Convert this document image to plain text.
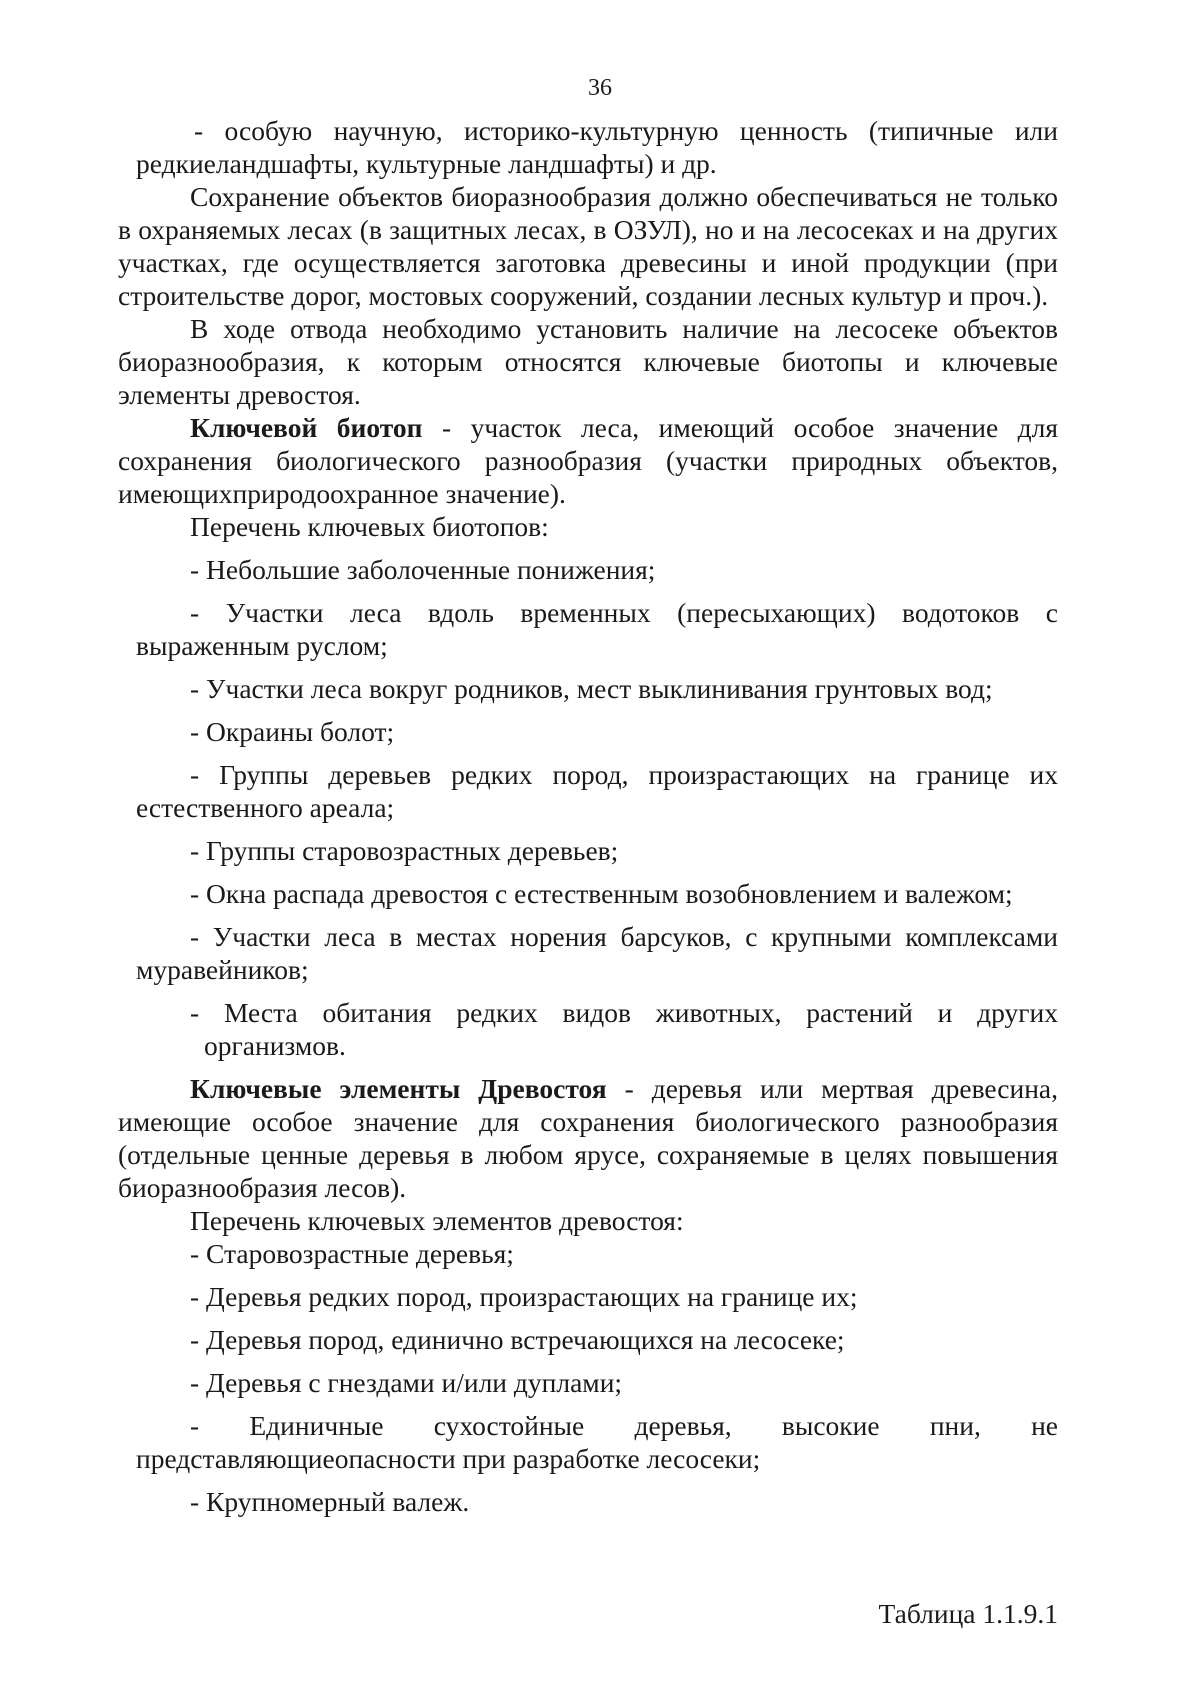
36

- особую научную, историко-культурную ценность (типичные или редкиеландшафты, культурные ландшафты) и др.

Сохранение объектов биоразнообразия должно обеспечиваться не только в охраняемых лесах (в защитных лесах, в ОЗУЛ), но и на лесосеках и на других участках, где осуществляется заготовка древесины и иной продукции (при строительстве дорог, мостовых сооружений, создании лесных культур и проч.).

В ходе отвода необходимо установить наличие на лесосеке объектов биоразнообразия, к которым относятся ключевые биотопы и ключевые элементы древостоя.

Ключевой биотоп - участок леса, имеющий особое значение для сохранения биологического разнообразия (участки природных объектов, имеющихприродоохранное значение).

Перечень ключевых биотопов:

- Небольшие заболоченные понижения;

- Участки леса вдоль временных (пересыхающих) водотоков с выраженным руслом;

- Участки леса вокруг родников, мест выклинивания грунтовых вод;

- Окраины болот;

- Группы деревьев редких пород, произрастающих на границе их естественного ареала;

- Группы старовозрастных деревьев;

- Окна распада древостоя с естественным возобновлением и валежом;

- Участки леса в местах норения барсуков, с крупными комплексами муравейников;

- Места обитания редких видов животных, растений и других организмов.

Ключевые элементы Древостоя - деревья или мертвая древесина, имеющие особое значение для сохранения биологического разнообразия (отдельные ценные деревья в любом ярусе, сохраняемые в целях повышения биоразнообразия лесов).

Перечень ключевых элементов древостоя:

- Старовозрастные деревья;

- Деревья редких пород, произрастающих на границе их;

- Деревья пород, единично встречающихся на лесосеке;

- Деревья с гнездами и/или дуплами;

- Единичные сухостойные деревья, высокие пни, не представляющиеопасности при разработке лесосеки;

- Крупномерный валеж.

Таблица 1.1.9.1
